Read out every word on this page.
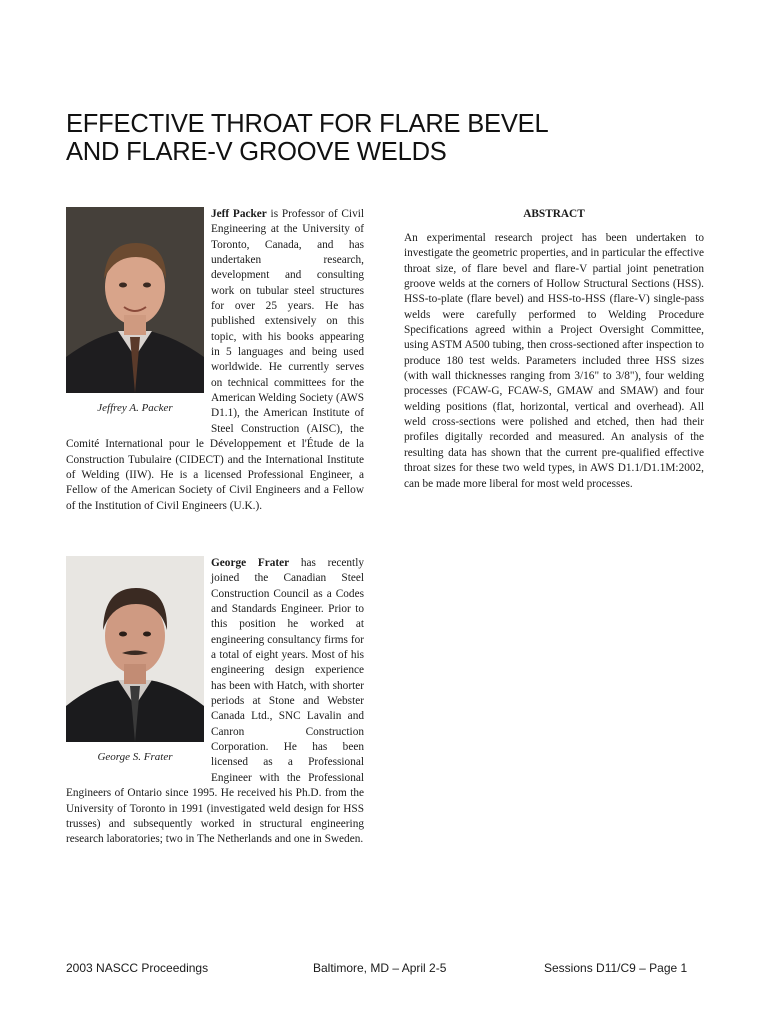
EFFECTIVE THROAT FOR FLARE BEVEL
AND FLARE-V GROOVE WELDS
Jeffrey A. Packer
Jeff Packer is Professor of Civil Engineering at the University of Toronto, Canada, and has undertaken research, development and consulting work on tubular steel structures for over 25 years. He has published extensively on this topic, with his books appearing in 5 languages and being used worldwide. He currently serves on technical committees for the American Welding Society (AWS D1.1), the American Institute of Steel Construction (AISC), the Comité International pour le Développement et l'Étude de la Construction Tubulaire (CIDECT) and the International Institute of Welding (IIW). He is a licensed Professional Engineer, a Fellow of the American Society of Civil Engineers and a Fellow of the Institution of Civil Engineers (U.K.).
George S. Frater
George Frater has recently joined the Canadian Steel Construction Council as a Codes and Standards Engineer. Prior to this position he worked at engineering consultancy firms for a total of eight years. Most of his engineering design experience has been with Hatch, with shorter periods at Stone and Webster Canada Ltd., SNC Lavalin and Canron Construction Corporation. He has been licensed as a Professional Engineer with the Professional Engineers of Ontario since 1995. He received his Ph.D. from the University of Toronto in 1991 (investigated weld design for HSS trusses) and subsequently worked in structural engineering research laboratories; two in The Netherlands and one in Sweden.
ABSTRACT
An experimental research project has been undertaken to investigate the geometric properties, and in particular the effective throat size, of flare bevel and flare-V partial joint penetration groove welds at the corners of Hollow Structural Sections (HSS). HSS-to-plate (flare bevel) and HSS-to-HSS (flare-V) single-pass welds were carefully performed to Welding Procedure Specifications agreed within a Project Oversight Committee, using ASTM A500 tubing, then cross-sectioned after inspection to produce 180 test welds. Parameters included three HSS sizes (with wall thicknesses ranging from 3/16" to 3/8"), four welding processes (FCAW-G, FCAW-S, GMAW and SMAW) and four welding positions (flat, horizontal, vertical and overhead). All weld cross-sections were polished and etched, then had their profiles digitally recorded and measured. An analysis of the resulting data has shown that the current pre-qualified effective throat sizes for these two weld types, in AWS D1.1/D1.1M:2002, can be made more liberal for most weld processes.
2003 NASCC Proceedings	Baltimore, MD – April 2-5	Sessions D11/C9 – Page 1
